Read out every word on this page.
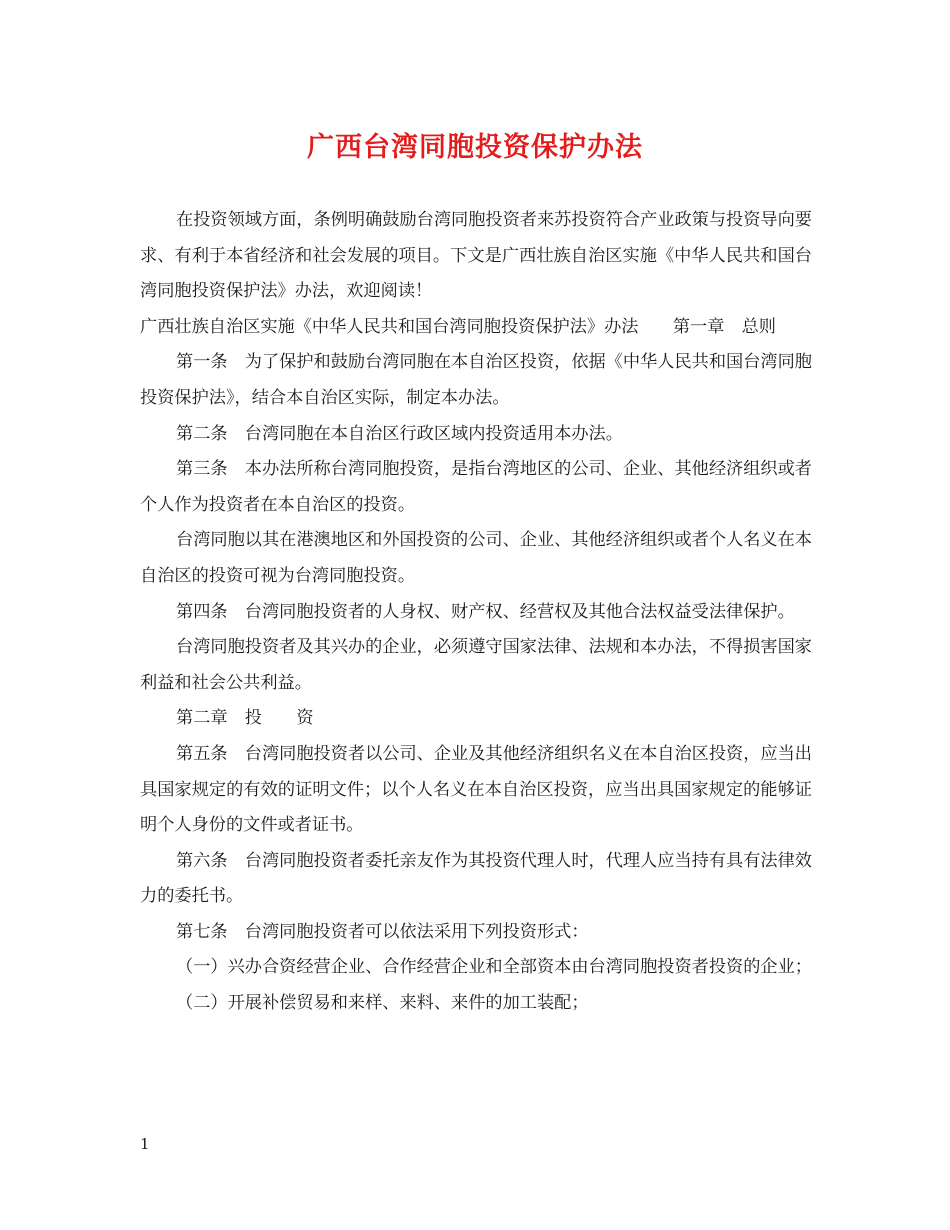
广西台湾同胞投资保护办法

在投资领域方面，条例明确鼓励台湾同胞投资者来苏投资符合产业政策与投资导向要求、有利于本省经济和社会发展的项目。下文是广西壮族自治区实施《中华人民共和国台湾同胞投资保护法》办法，欢迎阅读！

广西壮族自治区实施《中华人民共和国台湾同胞投资保护法》办法　　第一章　总则

第一条　为了保护和鼓励台湾同胞在本自治区投资，依据《中华人民共和国台湾同胞投资保护法》，结合本自治区实际，制定本办法。

第二条　台湾同胞在本自治区行政区域内投资适用本办法。

第三条　本办法所称台湾同胞投资，是指台湾地区的公司、企业、其他经济组织或者个人作为投资者在本自治区的投资。

台湾同胞以其在港澳地区和外国投资的公司、企业、其他经济组织或者个人名义在本自治区的投资可视为台湾同胞投资。

第四条　台湾同胞投资者的人身权、财产权、经营权及其他合法权益受法律保护。

台湾同胞投资者及其兴办的企业，必须遵守国家法律、法规和本办法，不得损害国家利益和社会公共利益。

第二章　投　　资

第五条　台湾同胞投资者以公司、企业及其他经济组织名义在本自治区投资，应当出具国家规定的有效的证明文件；以个人名义在本自治区投资，应当出具国家规定的能够证明个人身份的文件或者证书。

第六条　台湾同胞投资者委托亲友作为其投资代理人时，代理人应当持有具有法律效力的委托书。

第七条　台湾同胞投资者可以依法采用下列投资形式：

（一）兴办合资经营企业、合作经营企业和全部资本由台湾同胞投资者投资的企业；

（二）开展补偿贸易和来样、来料、来件的加工装配；

1
